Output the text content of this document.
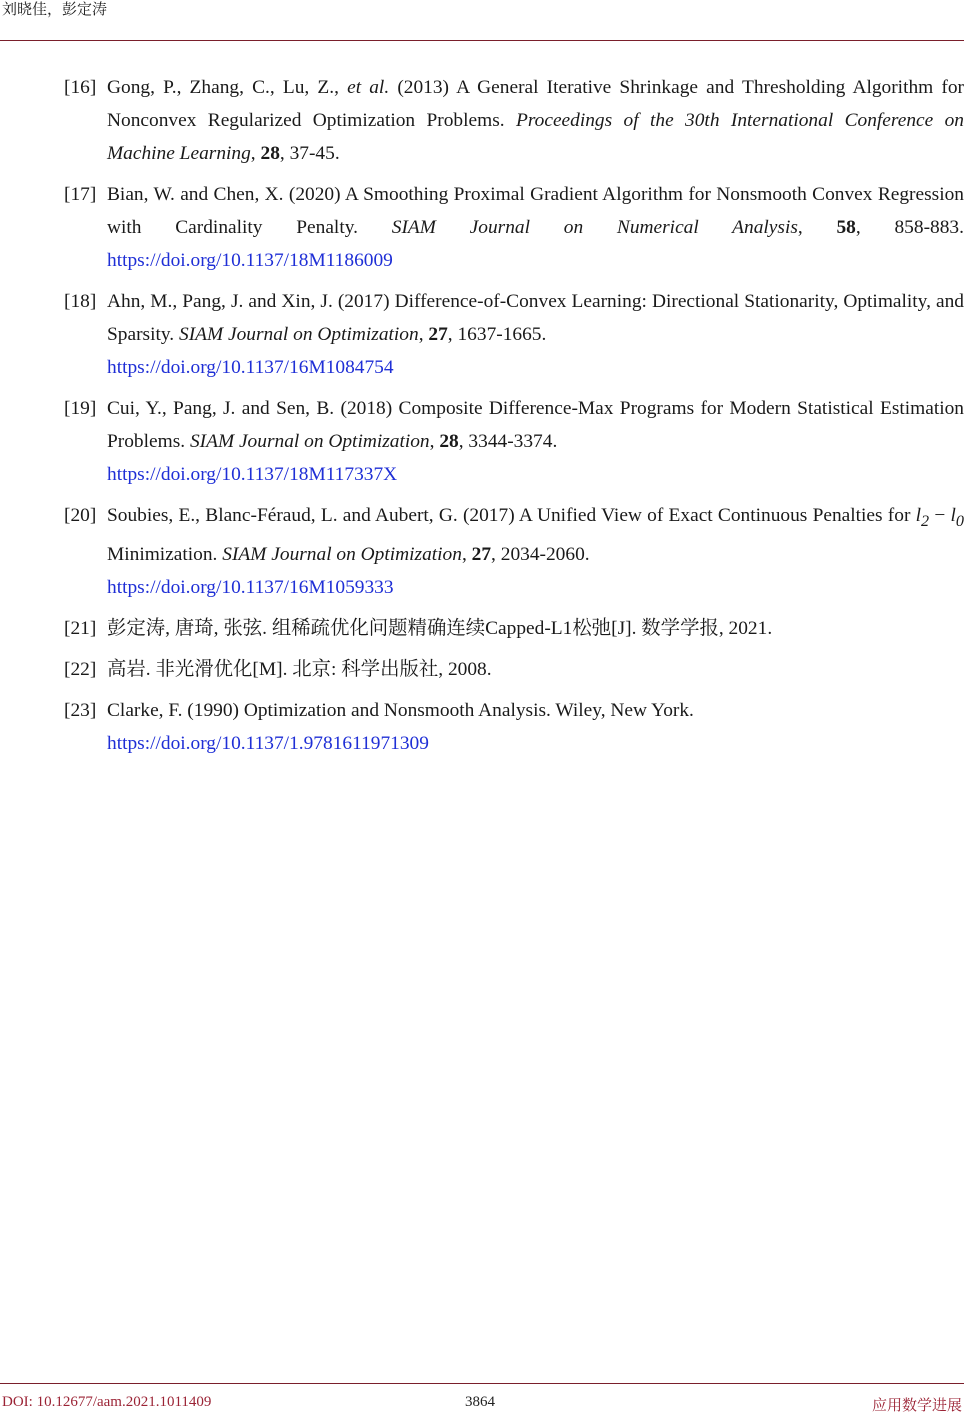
刘晓佳，彭定涛
[16] Gong, P., Zhang, C., Lu, Z., et al. (2013) A General Iterative Shrinkage and Thresholding Algorithm for Nonconvex Regularized Optimization Problems. Proceedings of the 30th International Conference on Machine Learning, 28, 37-45.
[17] Bian, W. and Chen, X. (2020) A Smoothing Proximal Gradient Algorithm for Nonsmooth Convex Regression with Cardinality Penalty. SIAM Journal on Numerical Analysis, 58, 858-883. https://doi.org/10.1137/18M1186009
[18] Ahn, M., Pang, J. and Xin, J. (2017) Difference-of-Convex Learning: Directional Stationarity, Optimality, and Sparsity. SIAM Journal on Optimization, 27, 1637-1665.
https://doi.org/10.1137/16M1084754
[19] Cui, Y., Pang, J. and Sen, B. (2018) Composite Difference-Max Programs for Modern Statistical Estimation Problems. SIAM Journal on Optimization, 28, 3344-3374.
https://doi.org/10.1137/18M117337X
[20] Soubies, E., Blanc-Féraud, L. and Aubert, G. (2017) A Unified View of Exact Continuous Penalties for $l_2 - l_0$ Minimization. SIAM Journal on Optimization, 27, 2034-2060.
https://doi.org/10.1137/16M1059333
[21] 彭定涛, 唐琦, 张弦. 组稀疏优化问题精确连续Capped-L1松弛[J]. 数学学报, 2021.
[22] 高岩. 非光滑优化[M]. 北京: 科学出版社, 2008.
[23] Clarke, F. (1990) Optimization and Nonsmooth Analysis. Wiley, New York.
https://doi.org/10.1137/1.9781611971309
DOI: 10.12677/aam.2021.1011409	3864	应用数学进展
